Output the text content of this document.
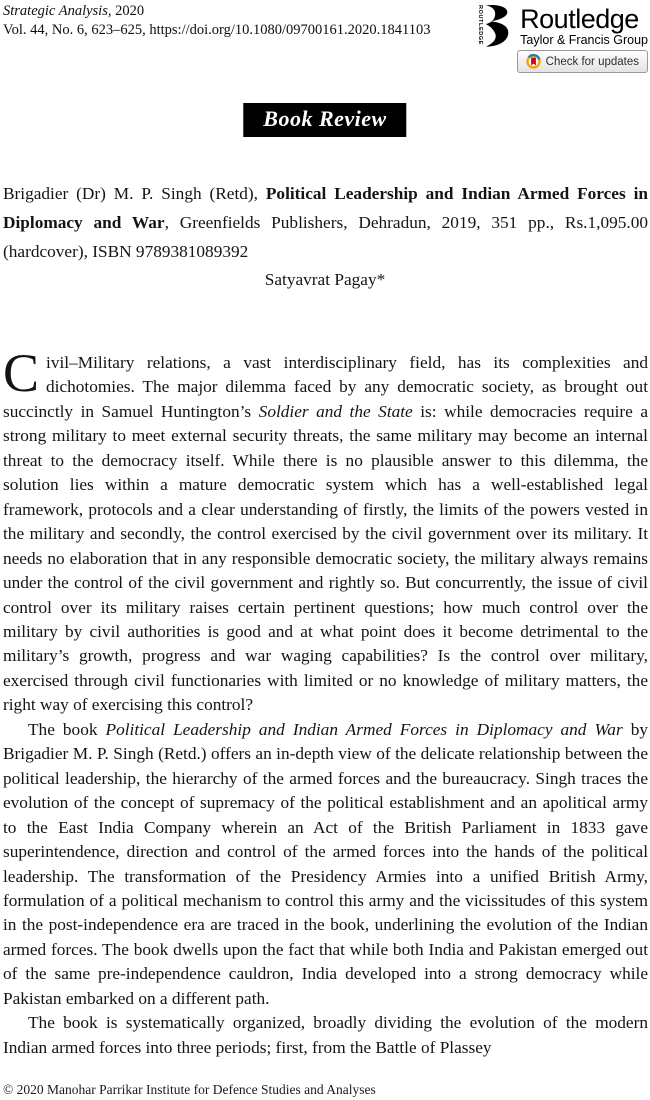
Strategic Analysis, 2020
Vol. 44, No. 6, 623–625, https://doi.org/10.1080/09700161.2020.1841103	ROUTLEDGE Routledge
Taylor & Francis Group
Check for updates
Book Review

Brigadier (Dr) M. P. Singh (Retd), Political Leadership and Indian Armed Forces in Diplomacy and War, Greenfields Publishers, Dehradun, 2019, 351 pp., Rs.1,095.00 (hardcover), ISBN 9789381089392

Satyavrat Pagay*

Civil–Military relations, a vast interdisciplinary field, has its complexities and dichotomies. The major dilemma faced by any democratic society, as brought out succinctly in Samuel Huntington’s Soldier and the State is: while democracies require a strong military to meet external security threats, the same military may become an internal threat to the democracy itself. While there is no plausible answer to this dilemma, the solution lies within a mature democratic system which has a well-established legal framework, protocols and a clear understanding of firstly, the limits of the powers vested in the military and secondly, the control exercised by the civil government over its military. It needs no elaboration that in any responsible democratic society, the military always remains under the control of the civil government and rightly so. But concurrently, the issue of civil control over its military raises certain pertinent questions; how much control over the military by civil authorities is good and at what point does it become detrimental to the military’s growth, progress and war waging capabilities? Is the control over military, exercised through civil functionaries with limited or no knowledge of military matters, the right way of exercising this control?

The book Political Leadership and Indian Armed Forces in Diplomacy and War by Brigadier M. P. Singh (Retd.) offers an in-depth view of the delicate relationship between the political leadership, the hierarchy of the armed forces and the bureaucracy. Singh traces the evolution of the concept of supremacy of the political establishment and an apolitical army to the East India Company wherein an Act of the British Parliament in 1833 gave superintendence, direction and control of the armed forces into the hands of the political leadership. The transformation of the Presidency Armies into a unified British Army, formulation of a political mechanism to control this army and the vicissitudes of this system in the post-independence era are traced in the book, underlining the evolution of the Indian armed forces. The book dwells upon the fact that while both India and Pakistan emerged out of the same pre-independence cauldron, India developed into a strong democracy while Pakistan embarked on a different path.

The book is systematically organized, broadly dividing the evolution of the modern Indian armed forces into three periods; first, from the Battle of Plassey

© 2020 Manohar Parrikar Institute for Defence Studies and Analyses
